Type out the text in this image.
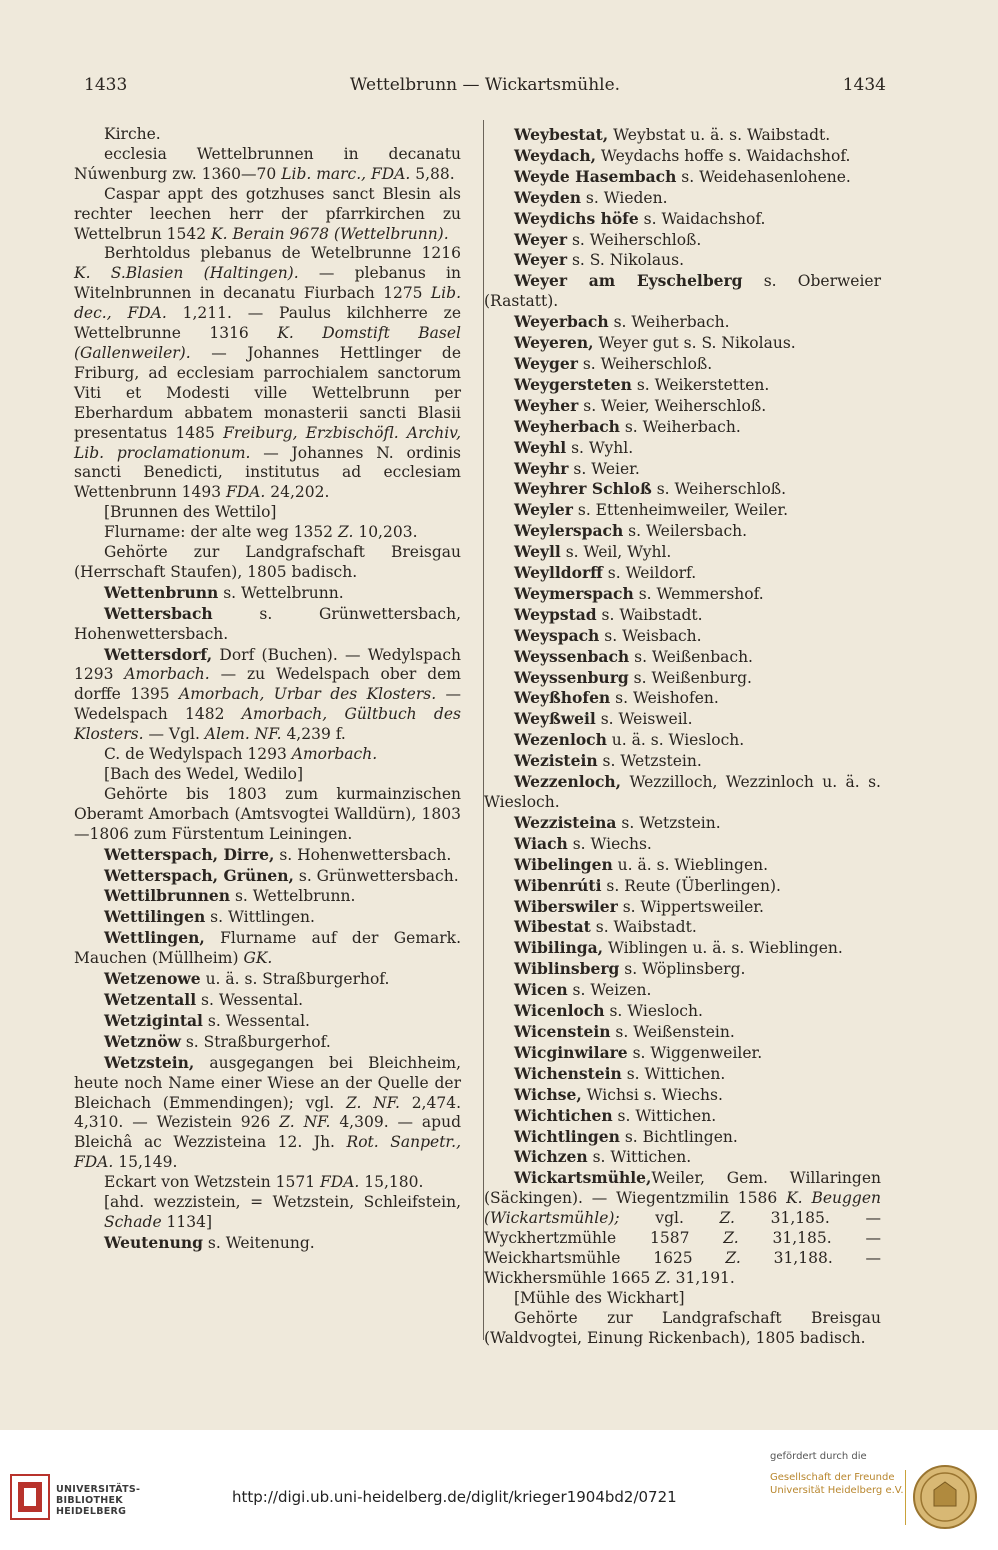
1433	Wettelbrunn — Wickartsmühle.	1434

Kirche.

ecclesia Wettelbrunnen in decanatu Núwenburg zw. 1360—70 Lib. marc., FDA. 5,88.

Caspar appt des gotzhuses sanct Blesin als rechter leechen herr der pfarrkirchen zu Wettelbrun 1542 K. Berain 9678 (Wettelbrunn).

Berhtoldus plebanus de Wetelbrunne 1216 K. S.Blasien (Haltingen). — plebanus in Witelnbrunnen in decanatu Fiurbach 1275 Lib. dec., FDA. 1,211. — Paulus kilchherre ze Wettelbrunne 1316 K. Domstift Basel (Gallenweiler). — Johannes Hettlinger de Friburg, ad ecclesiam parrochialem sanctorum Viti et Modesti ville Wettelbrunn per Eberhardum abbatem monasterii sancti Blasii presentatus 1485 Freiburg, Erzbischöfl. Archiv, Lib. proclamationum. — Johannes N. ordinis sancti Benedicti, institutus ad ecclesiam Wettenbrunn 1493 FDA. 24,202.

[Brunnen des Wettilo]

Flurname: der alte weg 1352 Z. 10,203.

Gehörte zur Landgrafschaft Breisgau (Herrschaft Staufen), 1805 badisch.

Wettenbrunn s. Wettelbrunn.

Wettersbach s. Grünwettersbach, Hohenwettersbach.

Wettersdorf, Dorf (Buchen). — Wedylspach 1293 Amorbach. — zu Wedelspach ober dem dorffe 1395 Amorbach, Urbar des Klosters. — Wedelspach 1482 Amorbach, Gültbuch des Klosters. — Vgl. Alem. NF. 4,239 f.

C. de Wedylspach 1293 Amorbach.

[Bach des Wedel, Wedilo]

Gehörte bis 1803 zum kurmainzischen Oberamt Amorbach (Amtsvogtei Walldürn), 1803—1806 zum Fürstentum Leiningen.

Wetterspach, Dirre, s. Hohenwettersbach.

Wetterspach, Grünen, s. Grünwettersbach.

Wettilbrunnen s. Wettelbrunn.

Wettilingen s. Wittlingen.

Wettlingen, Flurname auf der Gemark. Mauchen (Müllheim) GK.

Wetzenowe u. ä. s. Straßburgerhof.

Wetzentall s. Wessental.

Wetzigintal s. Wessental.

Wetznöw s. Straßburgerhof.

Wetzstein, ausgegangen bei Bleichheim, heute noch Name einer Wiese an der Quelle der Bleichach (Emmendingen); vgl. Z. NF. 2,474. 4,310. — Wezistein 926 Z. NF. 4,309. — apud Bleichâ ac Wezzisteina 12. Jh. Rot. Sanpetr., FDA. 15,149.

Eckart von Wetzstein 1571 FDA. 15,180.

[ahd. wezzistein, = Wetzstein, Schleifstein, Schade 1134]

Weutenung s. Weitenung.

Weybestat, Weybstat u. ä. s. Waibstadt.

Weydach, Weydachs hoffe s. Waidachshof.

Weyde Hasembach s. Weidehasenlohene.

Weyden s. Wieden.

Weydichs höfe s. Waidachshof.

Weyer s. Weiherschloß.

Weyer s. S. Nikolaus.

Weyer am Eyschelberg s. Oberweier (Rastatt).

Weyerbach s. Weiherbach.

Weyeren, Weyer gut s. S. Nikolaus.

Weyger s. Weiherschloß.

Weygersteten s. Weikerstetten.

Weyher s. Weier, Weiherschloß.

Weyherbach s. Weiherbach.

Weyhl s. Wyhl.

Weyhr s. Weier.

Weyhrer Schloß s. Weiherschloß.

Weyler s. Ettenheimweiler, Weiler.

Weylerspach s. Weilersbach.

Weyll s. Weil, Wyhl.

Weylldorff s. Weildorf.

Weymerspach s. Wemmershof.

Weypstad s. Waibstadt.

Weyspach s. Weisbach.

Weyssenbach s. Weißenbach.

Weyssenburg s. Weißenburg.

Weyßhofen s. Weishofen.

Weyßweil s. Weisweil.

Wezenloch u. ä. s. Wiesloch.

Wezistein s. Wetzstein.

Wezzenloch, Wezzilloch, Wezzinloch u. ä. s. Wiesloch.

Wezzisteina s. Wetzstein.

Wiach s. Wiechs.

Wibelingen u. ä. s. Wieblingen.

Wibenrúti s. Reute (Überlingen).

Wiberswiler s. Wippertsweiler.

Wibestat s. Waibstadt.

Wibilinga, Wiblingen u. ä. s. Wieblingen.

Wiblinsberg s. Wöplinsberg.

Wicen s. Weizen.

Wicenloch s. Wiesloch.

Wicenstein s. Weißenstein.

Wicginwilare s. Wiggenweiler.

Wichenstein s. Wittichen.

Wichse, Wichsi s. Wiechs.

Wichtichen s. Wittichen.

Wichtlingen s. Bichtlingen.

Wichzen s. Wittichen.

Wickartsmühle,Weiler, Gem. Willaringen (Säckingen). — Wiegentzmilin 1586 K. Beuggen (Wickartsmühle); vgl. Z. 31,185. — Wyckhertzmühle 1587 Z. 31,185. — Weickhartsmühle 1625 Z. 31,188. — Wickhersmühle 1665 Z. 31,191.

[Mühle des Wickhart]

Gehörte zur Landgrafschaft Breisgau (Waldvogtei, Einung Rickenbach), 1805 badisch.

UNIVERSITÄTS-
BIBLIOTHEK
HEIDELBERG
http://digi.ub.uni-heidelberg.de/diglit/krieger1904bd2/0721
gefördert durch die
Gesellschaft der Freunde
Universität Heidelberg e.V.
